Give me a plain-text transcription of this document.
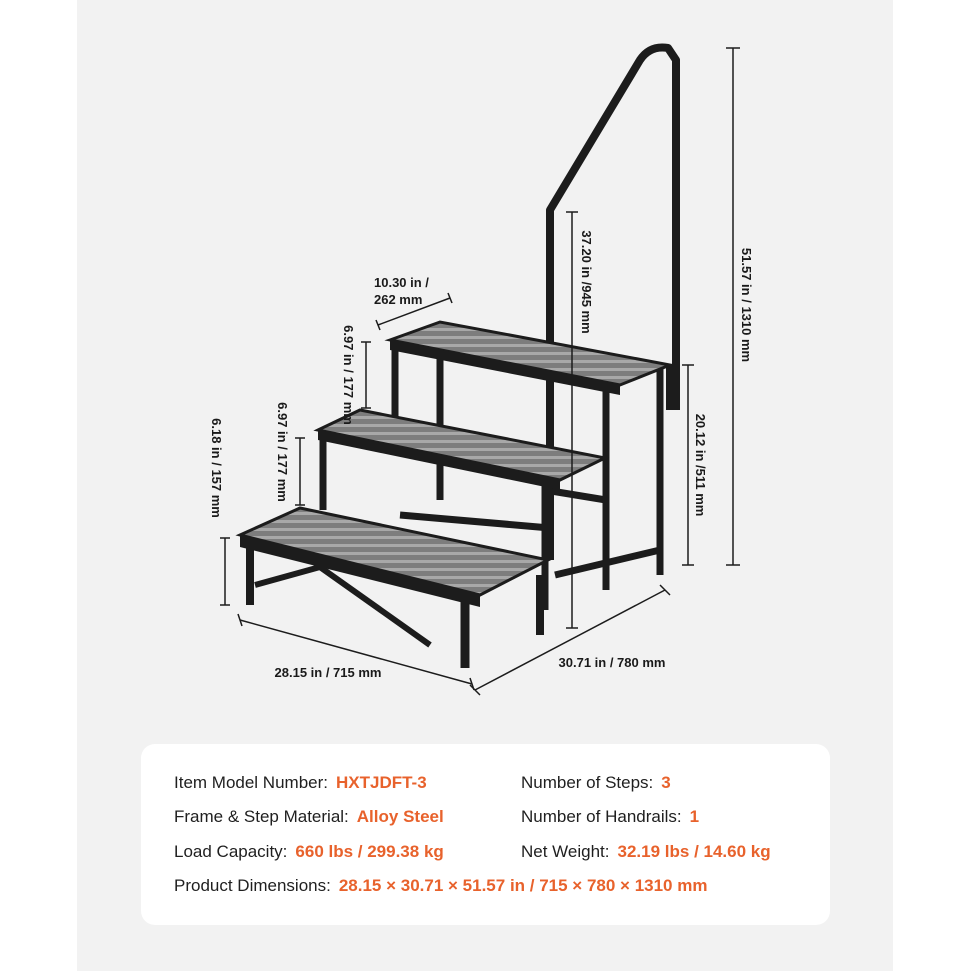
10.30 in /
262 mm
6.97 in / 177 mm
6.97 in / 177 mm
6.18 in / 157 mm
37.20 in /945 mm	51.57 in / 1310 mm
20.12 in /511 mm
28.15 in / 715 mm
30.71 in / 780 mm
Item Model Number: HXTJDFT-3	Number of Steps: 3
Frame & Step Material: Alloy Steel	Number of Handrails: 1
Load Capacity: 660 lbs / 299.38 kg	Net Weight: 32.19 lbs / 14.60 kg
Product Dimensions: 28.15 × 30.71 × 51.57 in / 715 × 780 × 1310 mm
